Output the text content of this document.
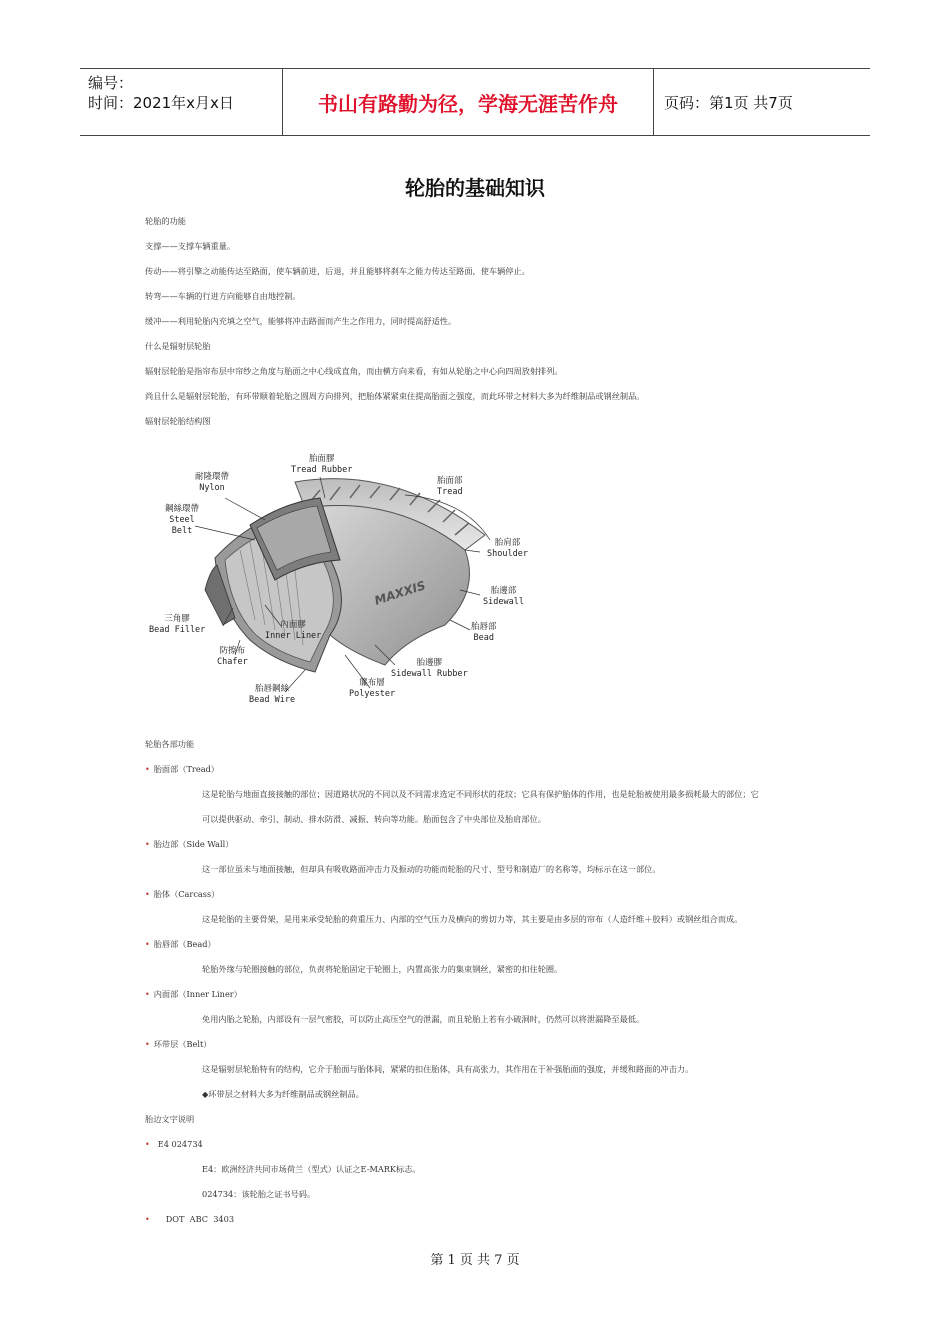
编号：
时间：2021年x月x日	书山有路勤为径，学海无涯苦作舟	页码：第1页 共7页
轮胎的基础知识
轮胎的功能
支撑——支撑车辆重量。
传动——将引擎之动能传达至路面，使车辆前进，后退，并且能够将刹车之能力传达至路面，使车辆停止。
转弯——车辆的行进方向能够自由地控制。
缓冲——利用轮胎内充填之空气，能够将冲击路面而产生之作用力，同时提高舒适性。
什么是辐射层轮胎
辐射层轮胎是指帘布层中帘纱之角度与胎面之中心线成直角，而由横方向来看，有如从轮胎之中心向四周放射排列。
尚且什么是辐射层轮胎，有环带顺着轮胎之圆周方向排列，把胎体紧紧束住提高胎面之强度，而此环带之材料大多为纤维制品或钢丝制品。
辐射层轮胎结构图
MAXXIS
胎面膠
Tread Rubber
耐隆環帶
Nylon
鋼絲環帶
Steel
Belt
胎面部
Tread
胎肩部
Shoulder
胎邊部
Sidewall
胎唇部
Bead
三角膠
Bead Filler	內面膠
Inner Liner
防擦布
Chafer	胎邊膠
Sidewall Rubber
胎唇鋼絲
Bead Wire
簾布層
Polyester
轮胎各部功能
• 胎面部（Tread）
这是轮胎与地面直接接触的部位；因道路状况的不同以及不同需求选定不同形状的花纹；它具有保护胎体的作用，也是轮胎被使用最多损耗最大的部位；它
可以提供驱动、牵引、制动、排水防滑、减振、转向等功能。胎面包含了中央部位及胎肩部位。
• 胎边部（Side Wall）
这一部位虽未与地面接触，但却具有吸收路面冲击力及振动的功能而轮胎的尺寸、型号和制造厂的名称等，均标示在这一部位。
• 胎体（Carcass）
这是轮胎的主要骨架，是用来承受轮胎的荷重压力、内部的空气压力及横向的剪切力等，其主要是由多层的帘布（人造纤维＋胶料）或钢丝组合而成。
• 胎唇部（Bead）
轮胎外缘与轮圈接触的部位，负责将轮胎固定于轮圈上，内置高张力的集束钢丝，紧密的扣住轮圈。
• 内面部（Inner Liner）
免用内胎之轮胎，内部设有一层气密胶，可以防止高压空气的泄漏，而且轮胎上若有小破洞时，仍然可以将泄漏降至最低。
• 环带层（Belt）
这是辐射层轮胎特有的结构，它介于胎面与胎体间，紧紧的扣住胎体，具有高张力，其作用在于补强胎面的强度，并缓和路面的冲击力。
◆环带层之材料大多为纤维制品或钢丝制品。
胎边文字说明
• E4 024734
E4：欧洲经济共同市场荷兰（型式）认证之E-MARK标志。
024734：该轮胎之证书号码。
• DOT  ABC  3403
第 1 页 共 7 页
